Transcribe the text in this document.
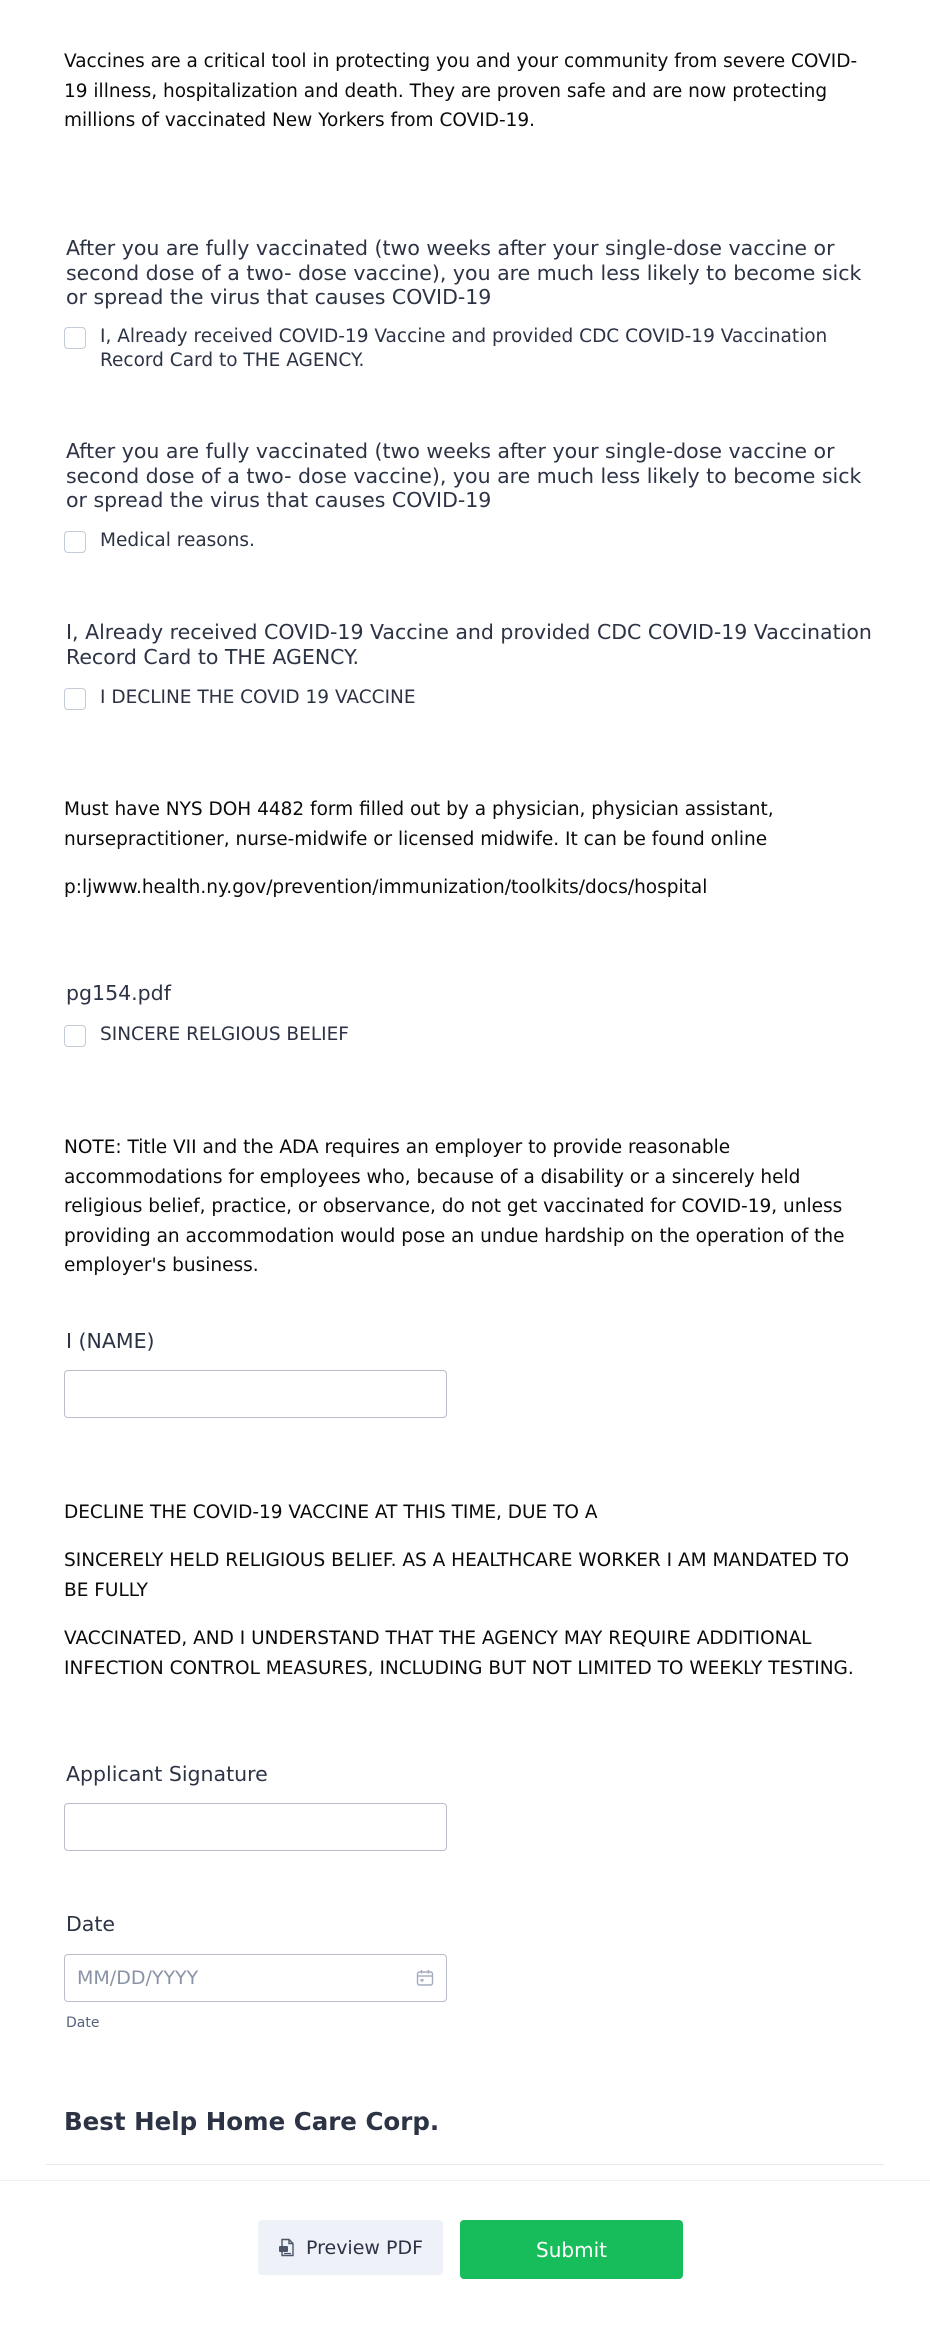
Vaccines are a critical tool in protecting you and your community from severe COVID-19 illness, hospitalization and death. They are proven safe and are now protecting millions of vaccinated New Yorkers from COVID-19.

After you are fully vaccinated (two weeks after your single-dose vaccine or second dose of a two- dose vaccine), you are much less likely to become sick or spread the virus that causes COVID-19

I, Already received COVID-19 Vaccine and provided CDC COVID-19 Vaccination Record Card to THE AGENCY.

After you are fully vaccinated (two weeks after your single-dose vaccine or second dose of a two- dose vaccine), you are much less likely to become sick or spread the virus that causes COVID-19

Medical reasons.

I, Already received COVID-19 Vaccine and provided CDC COVID-19 Vaccination Record Card to THE AGENCY.

I DECLINE THE COVID 19 VACCINE

Must have NYS DOH 4482 form filled out by a physician, physician assistant, nursepractitioner, nurse-midwife or licensed midwife. It can be found online

p:ljwww.health.ny.gov/prevention/immunization/toolkits/docs/hospital

pg154.pdf

SINCERE RELGIOUS BELIEF

NOTE: Title VII and the ADA requires an employer to provide reasonable accommodations for employees who, because of a disability or a sincerely held religious belief, practice, or observance, do not get vaccinated for COVID-19, unless providing an accommodation would pose an undue hardship on the operation of the employer's business.

I (NAME)

DECLINE THE COVID-19 VACCINE AT THIS TIME, DUE TO A

SINCERELY HELD RELIGIOUS BELIEF. AS A HEALTHCARE WORKER I AM MANDATED TO BE FULLY

VACCINATED, AND I UNDERSTAND THAT THE AGENCY MAY REQUIRE ADDITIONAL INFECTION CONTROL MEASURES, INCLUDING BUT NOT LIMITED TO WEEKLY TESTING.

Applicant Signature

Date

MM/DD/YYYY
Date
Best Help Home Care Corp.
Preview PDF	Submit
